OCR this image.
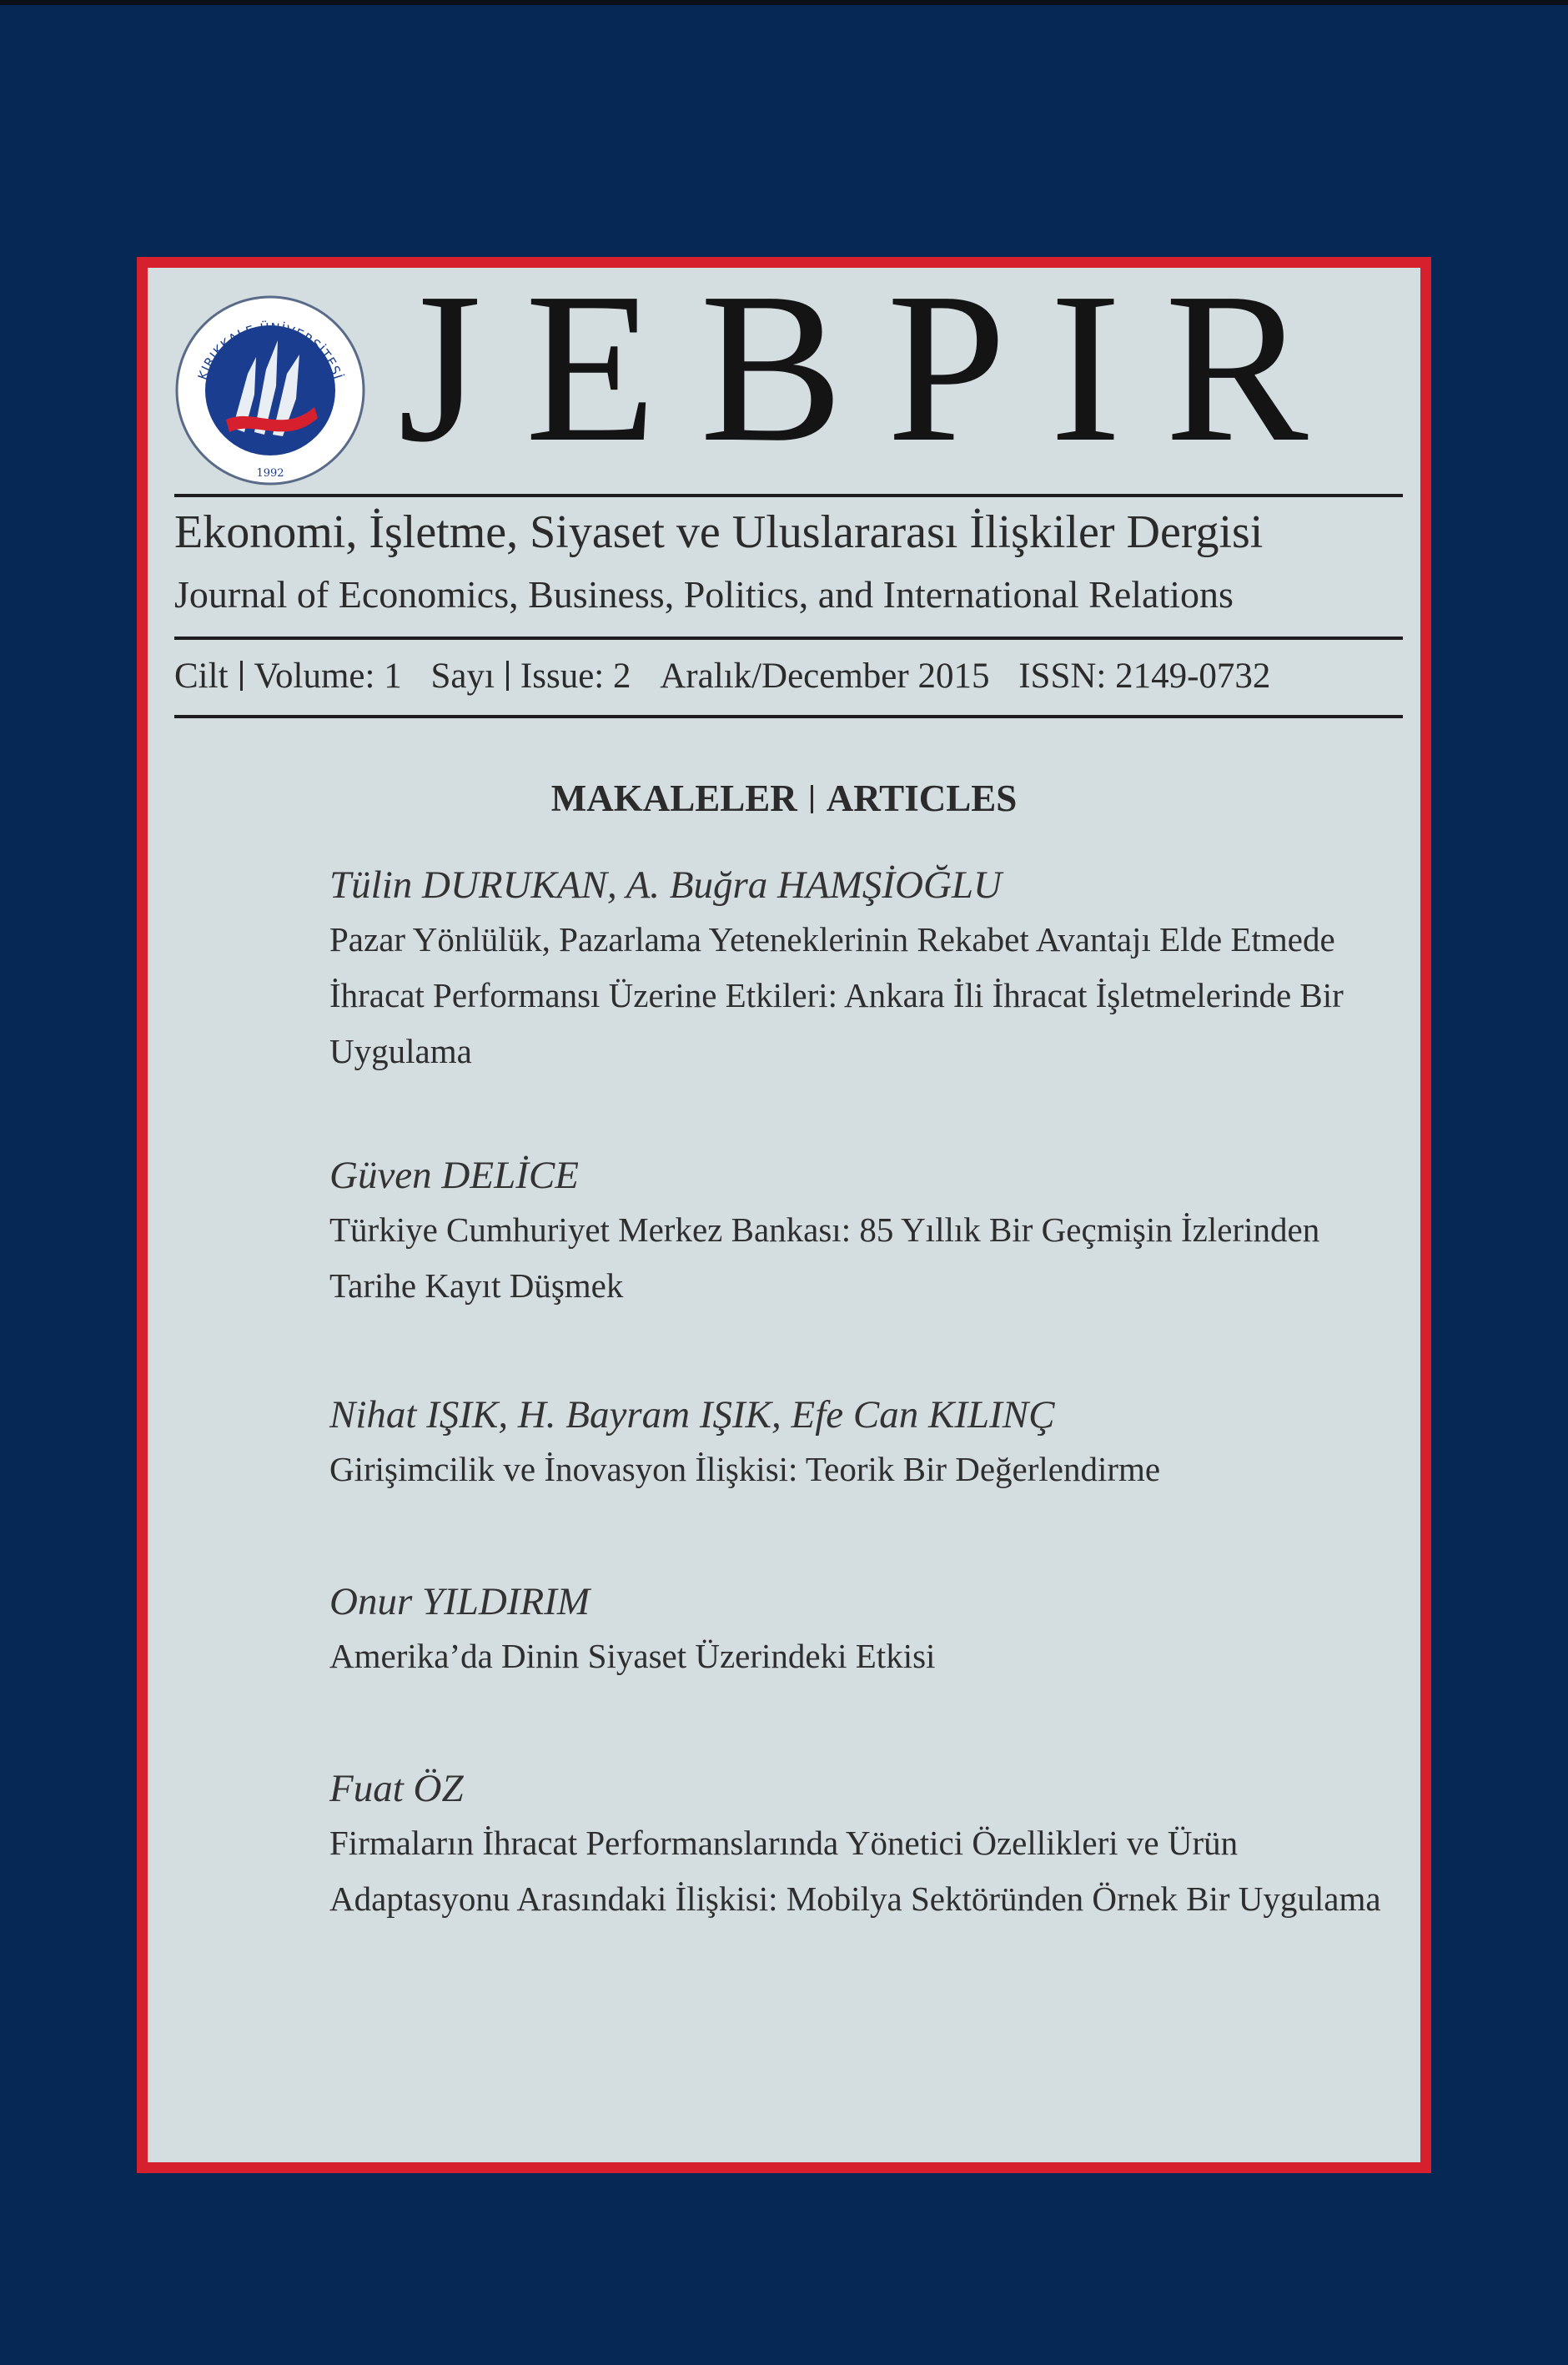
KIRIKKALE ÜNİVERSİTESİ
1992 JEBPIR
Ekonomi, İşletme, Siyaset ve Uluslararası İlişkiler Dergisi
Journal of Economics, Business, Politics, and International Relations
Cilt Volume: 1 Sayı Issue: 2 Aralık/December 2015 ISSN: 2149-0732
MAKALELER ARTICLES
Tülin DURUKAN, A. Buğra HAMŞİOĞLU
Pazar Yönlülük, Pazarlama Yeteneklerinin Rekabet Avantajı Elde Etmede
İhracat Performansı Üzerine Etkileri: Ankara İli İhracat İşletmelerinde Bir
Uygulama
Güven DELİCE
Türkiye Cumhuriyet Merkez Bankası: 85 Yıllık Bir Geçmişin İzlerinden
Tarihe Kayıt Düşmek
Nihat IŞIK, H. Bayram IŞIK, Efe Can KILINÇ
Girişimcilik ve İnovasyon İlişkisi: Teorik Bir Değerlendirme
Onur YILDIRIM
Amerika’da Dinin Siyaset Üzerindeki Etkisi
Fuat ÖZ
Firmaların İhracat Performanslarında Yönetici Özellikleri ve Ürün
Adaptasyonu Arasındaki İlişkisi: Mobilya Sektöründen Örnek Bir Uygulama
